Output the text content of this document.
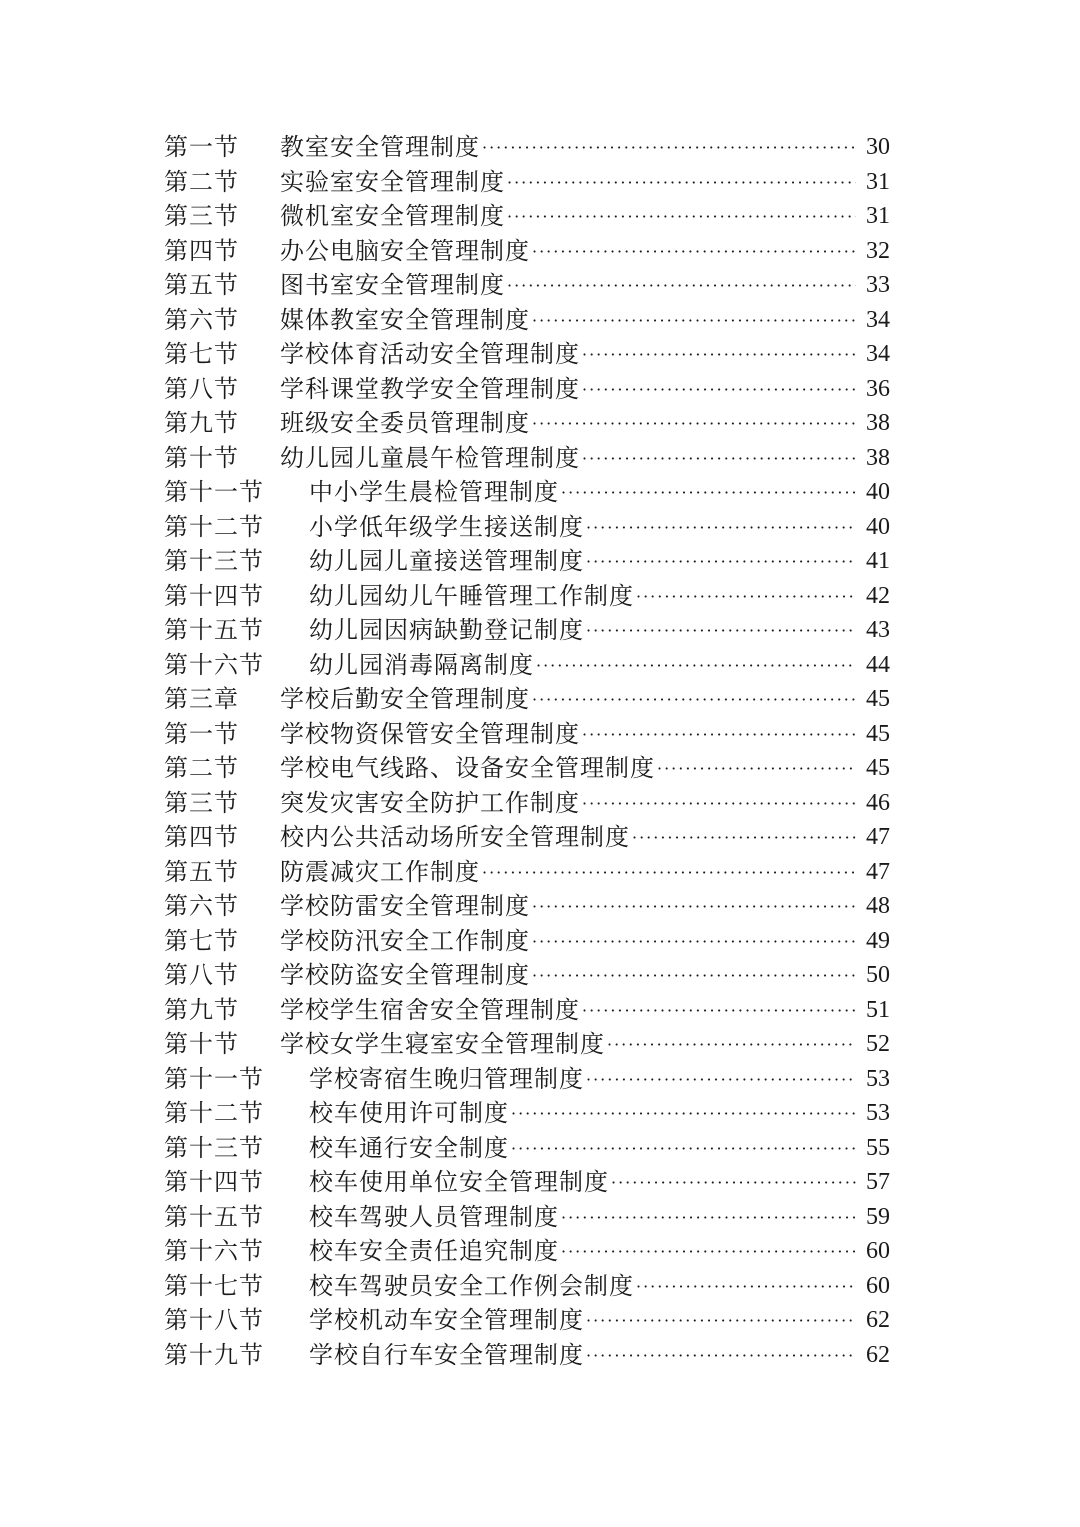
第一节	教室安全管理制度 ·····	30
第二节	实验室安全管理制度 ·····	31
第三节	微机室安全管理制度 ·····	31
第四节	办公电脑安全管理制度 ·····	32
第五节	图书室安全管理制度 ·····	33
第六节	媒体教室安全管理制度 ·····	34
第七节	学校体育活动安全管理制度 ·····	34
第八节	学科课堂教学安全管理制度 ·····	36
第九节	班级安全委员管理制度 ·····	38
第十节	幼儿园儿童晨午检管理制度 ·····	38
第十一节	中小学生晨检管理制度 ·····	40
第十二节	小学低年级学生接送制度 ·····	40
第十三节	幼儿园儿童接送管理制度 ·····	41
第十四节	幼儿园幼儿午睡管理工作制度 ·····	42
第十五节	幼儿园因病缺勤登记制度 ·····	43
第十六节	幼儿园消毒隔离制度 ·····	44
第三章	学校后勤安全管理制度 ·····	45
第一节	学校物资保管安全管理制度 ·····	45
第二节	学校电气线路、设备安全管理制度 ·····	45
第三节	突发灾害安全防护工作制度 ·····	46
第四节	校内公共活动场所安全管理制度 ·····	47
第五节	防震减灾工作制度 ·····	47
第六节	学校防雷安全管理制度 ·····	48
第七节	学校防汛安全工作制度 ·····	49
第八节	学校防盗安全管理制度 ·····	50
第九节	学校学生宿舍安全管理制度 ·····	51
第十节	学校女学生寝室安全管理制度 ·····	52
第十一节	学校寄宿生晚归管理制度 ·····	53
第十二节	校车使用许可制度 ·····	53
第十三节	校车通行安全制度 ·····	55
第十四节	校车使用单位安全管理制度 ·····	57
第十五节	校车驾驶人员管理制度 ·····	59
第十六节	校车安全责任追究制度 ·····	60
第十七节	校车驾驶员安全工作例会制度 ·····	60
第十八节	学校机动车安全管理制度 ·····	62
第十九节	学校自行车安全管理制度 ·····	62
